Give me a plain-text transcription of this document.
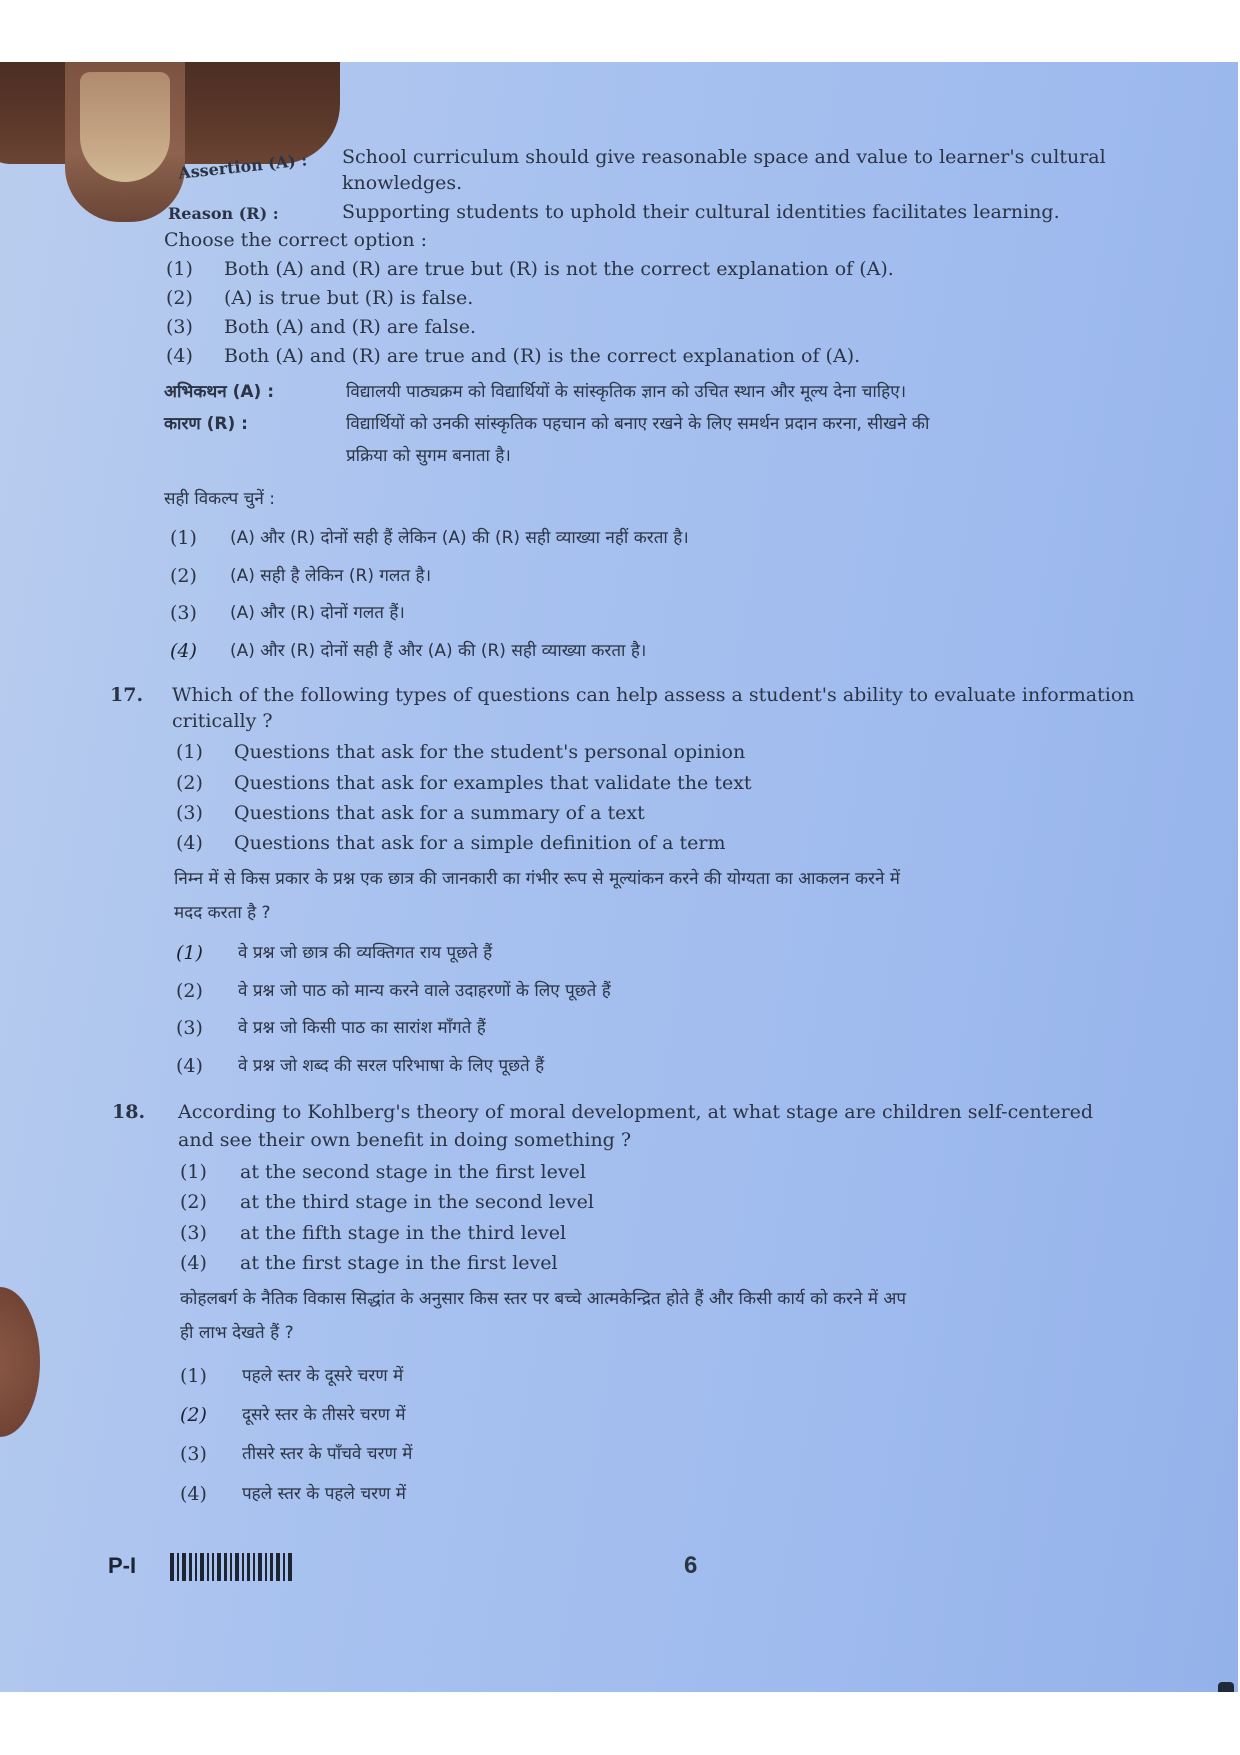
Assertion (A) : School curriculum should give reasonable space and value to learner's cultural
knowledges.
Reason (R) :	Supporting students to uphold their cultural identities facilitates learning.
Choose the correct option :
(1) Both (A) and (R) are true but (R) is not the correct explanation of (A).
(2) (A) is true but (R) is false.
(3) Both (A) and (R) are false.
(4) Both (A) and (R) are true and (R) is the correct explanation of (A).
अभिकथन (A) :	विद्यालयी पाठ्यक्रम को विद्यार्थियों के सांस्कृतिक ज्ञान को उचित स्थान और मूल्य देना चाहिए।
कारण (R) :	विद्यार्थियों को उनकी सांस्कृतिक पहचान को बनाए रखने के लिए समर्थन प्रदान करना, सीखने की
प्रक्रिया को सुगम बनाता है।
सही विकल्प चुनें :
(1) (A) और (R) दोनों सही हैं लेकिन (A) की (R) सही व्याख्या नहीं करता है।
(2) (A) सही है लेकिन (R) गलत है।
(3) (A) और (R) दोनों गलत हैं।
(4) (A) और (R) दोनों सही हैं और (A) की (R) सही व्याख्या करता है।
17. Which of the following types of questions can help assess a student's ability to evaluate information
critically ?
(1) Questions that ask for the student's personal opinion
(2) Questions that ask for examples that validate the text
(3) Questions that ask for a summary of a text
(4) Questions that ask for a simple definition of a term
निम्न में से किस प्रकार के प्रश्न एक छात्र की जानकारी का गंभीर रूप से मूल्यांकन करने की योग्यता का आकलन करने में
मदद करता है ?
(1) वे प्रश्न जो छात्र की व्यक्तिगत राय पूछते हैं
(2) वे प्रश्न जो पाठ को मान्य करने वाले उदाहरणों के लिए पूछते हैं
(3) वे प्रश्न जो किसी पाठ का सारांश माँगते हैं
(4) वे प्रश्न जो शब्द की सरल परिभाषा के लिए पूछते हैं
18. According to Kohlberg's theory of moral development, at what stage are children self-centered
and see their own benefit in doing something ?
(1) at the second stage in the first level
(2) at the third stage in the second level
(3) at the fifth stage in the third level
(4) at the first stage in the first level
कोहलबर्ग के नैतिक विकास सिद्धांत के अनुसार किस स्तर पर बच्चे आत्मकेन्द्रित होते हैं और किसी कार्य को करने में अप
ही लाभ देखते हैं ?
(1) पहले स्तर के दूसरे चरण में
(2) दूसरे स्तर के तीसरे चरण में
(3) तीसरे स्तर के पाँचवे चरण में
(4) पहले स्तर के पहले चरण में
P-I	6
